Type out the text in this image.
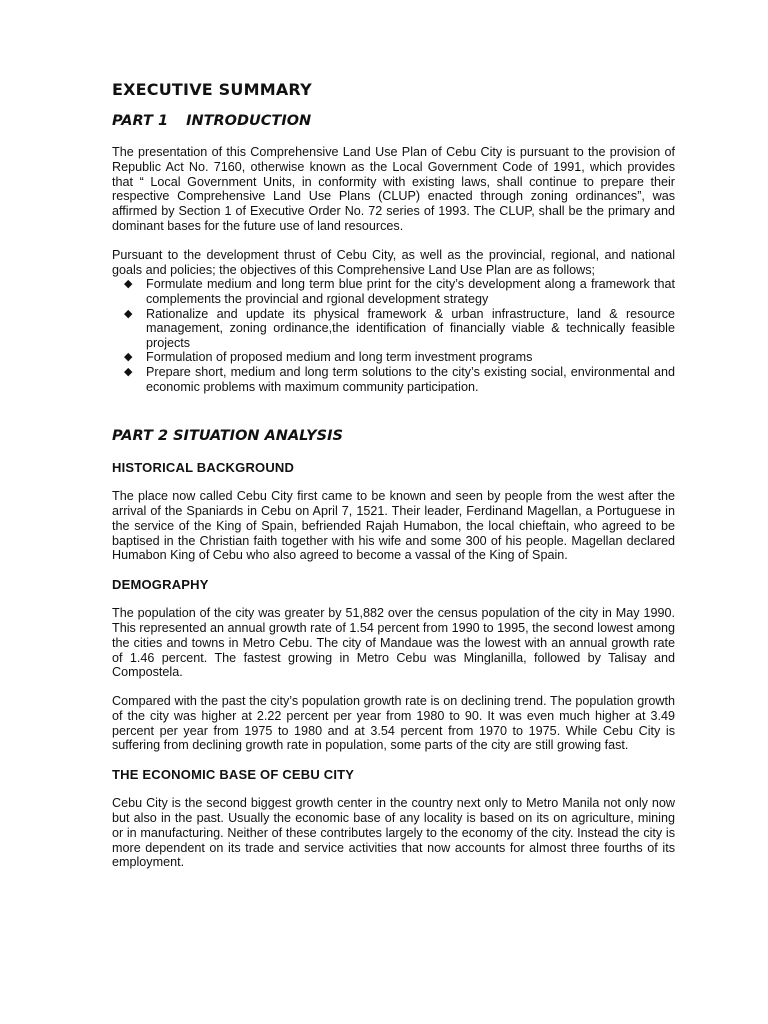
EXECUTIVE SUMMARY
PART 1 INTRODUCTION

The presentation of this Comprehensive Land Use Plan of Cebu City is pursuant to the provision of Republic Act No. 7160, otherwise known as the Local Government Code of 1991, which provides that “ Local Government Units, in conformity with existing laws, shall continue to prepare their respective Comprehensive Land Use Plans (CLUP) enacted through zoning ordinances”, was affirmed by Section 1 of Executive Order No. 72 series of 1993. The CLUP, shall be the primary and dominant bases for the future use of land resources.

Pursuant to the development thrust of Cebu City, as well as the provincial, regional, and national goals and policies; the objectives of this Comprehensive Land Use Plan are as follows;

◆ Formulate medium and long term blue print for the city’s development along a framework that complements the provincial and rgional development strategy
◆ Rationalize and update its physical framework & urban infrastructure, land & resource management, zoning ordinance,the identification of financially viable & technically feasible projects
◆ Formulation of proposed medium and long term investment programs
◆ Prepare short, medium and long term solutions to the city’s existing social, environmental and economic problems with maximum community participation.
PART 2 SITUATION ANALYSIS
HISTORICAL BACKGROUND

The place now called Cebu City first came to be known and seen by people from the west after the arrival of the Spaniards in Cebu on April 7, 1521. Their leader, Ferdinand Magellan, a Portuguese in the service of the King of Spain, befriended Rajah Humabon, the local chieftain, who agreed to be baptised in the Christian faith together with his wife and some 300 of his people. Magellan declared Humabon King of Cebu who also agreed to become a vassal of the King of Spain.

DEMOGRAPHY

The population of the city was greater by 51,882 over the census population of the city in May 1990. This represented an annual growth rate of 1.54 percent from 1990 to 1995, the second lowest among the cities and towns in Metro Cebu. The city of Mandaue was the lowest with an annual growth rate of 1.46 percent. The fastest growing in Metro Cebu was Minglanilla, followed by Talisay and Compostela.

Compared with the past the city’s population growth rate is on declining trend. The population growth of the city was higher at 2.22 percent per year from 1980 to 90. It was even much higher at 3.49 percent per year from 1975 to 1980 and at 3.54 percent from 1970 to 1975. While Cebu City is suffering from declining growth rate in population, some parts of the city are still growing fast.

THE ECONOMIC BASE OF CEBU CITY

Cebu City is the second biggest growth center in the country next only to Metro Manila not only now but also in the past. Usually the economic base of any locality is based on its on agriculture, mining or in manufacturing. Neither of these contributes largely to the economy of the city. Instead the city is more dependent on its trade and service activities that now accounts for almost three fourths of its employment.
